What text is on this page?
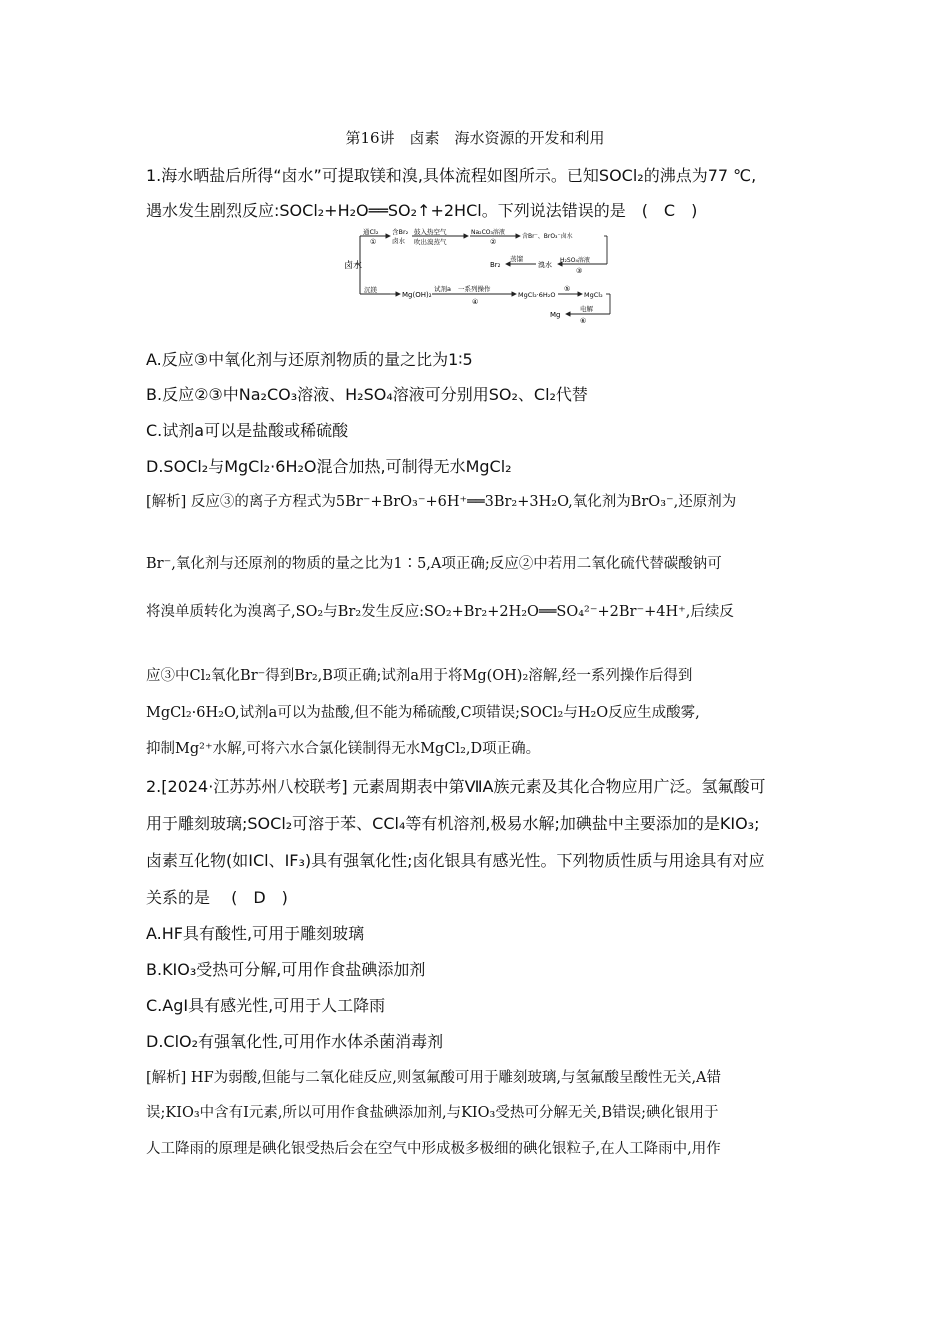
第16讲　卤素　海水资源的开发和利用
1.海水晒盐后所得“卤水”可提取镁和溴,具体流程如图所示。已知SOCl₂的沸点为77 ℃,
遇水发生剧烈反应:SOCl₂+H₂O══SO₂↑+2HCl。下列说法错误的是　(　C　)
卤水
通Cl₂
①
含Br₂
卤水
鼓入热空气
吹出溴蒸气
Na₂CO₃溶液
②
含Br⁻、BrO₃⁻卤水
H₂SO₄溶液
③
溴水
蒸馏
Br₂
沉镁
Mg(OH)₂
试剂a 一系列操作
④
MgCl₂·6H₂O
⑤
MgCl₂
电解
⑥
Mg
A.反应③中氧化剂与还原剂物质的量之比为1∶5
B.反应②③中Na₂CO₃溶液、H₂SO₄溶液可分别用SO₂、Cl₂代替
C.试剂a可以是盐酸或稀硫酸
D.SOCl₂与MgCl₂·6H₂O混合加热,可制得无水MgCl₂
[解析] 反应③的离子方程式为5Br⁻+BrO₃⁻+6H⁺══3Br₂+3H₂O,氧化剂为BrO₃⁻,还原剂为
Br⁻,氧化剂与还原剂的物质的量之比为1∶5,A项正确;反应②中若用二氧化硫代替碳酸钠可
将溴单质转化为溴离子,SO₂与Br₂发生反应:SO₂+Br₂+2H₂O══SO₄²⁻+2Br⁻+4H⁺,后续反
应③中Cl₂氧化Br⁻得到Br₂,B项正确;试剂a用于将Mg(OH)₂溶解,经一系列操作后得到
MgCl₂·6H₂O,试剂a可以为盐酸,但不能为稀硫酸,C项错误;SOCl₂与H₂O反应生成酸雾,
抑制Mg²⁺水解,可将六水合氯化镁制得无水MgCl₂,D项正确。
2.[2024·江苏苏州八校联考] 元素周期表中第ⅦA族元素及其化合物应用广泛。氢氟酸可
用于雕刻玻璃;SOCl₂可溶于苯、CCl₄等有机溶剂,极易水解;加碘盐中主要添加的是KIO₃;
卤素互化物(如ICl、IF₃)具有强氧化性;卤化银具有感光性。下列物质性质与用途具有对应
关系的是　 (　D　)
A.HF具有酸性,可用于雕刻玻璃
B.KIO₃受热可分解,可用作食盐碘添加剂
C.AgI具有感光性,可用于人工降雨
D.ClO₂有强氧化性,可用作水体杀菌消毒剂
[解析] HF为弱酸,但能与二氧化硅反应,则氢氟酸可用于雕刻玻璃,与氢氟酸呈酸性无关,A错
误;KIO₃中含有I元素,所以可用作食盐碘添加剂,与KIO₃受热可分解无关,B错误;碘化银用于
人工降雨的原理是碘化银受热后会在空气中形成极多极细的碘化银粒子,在人工降雨中,用作
